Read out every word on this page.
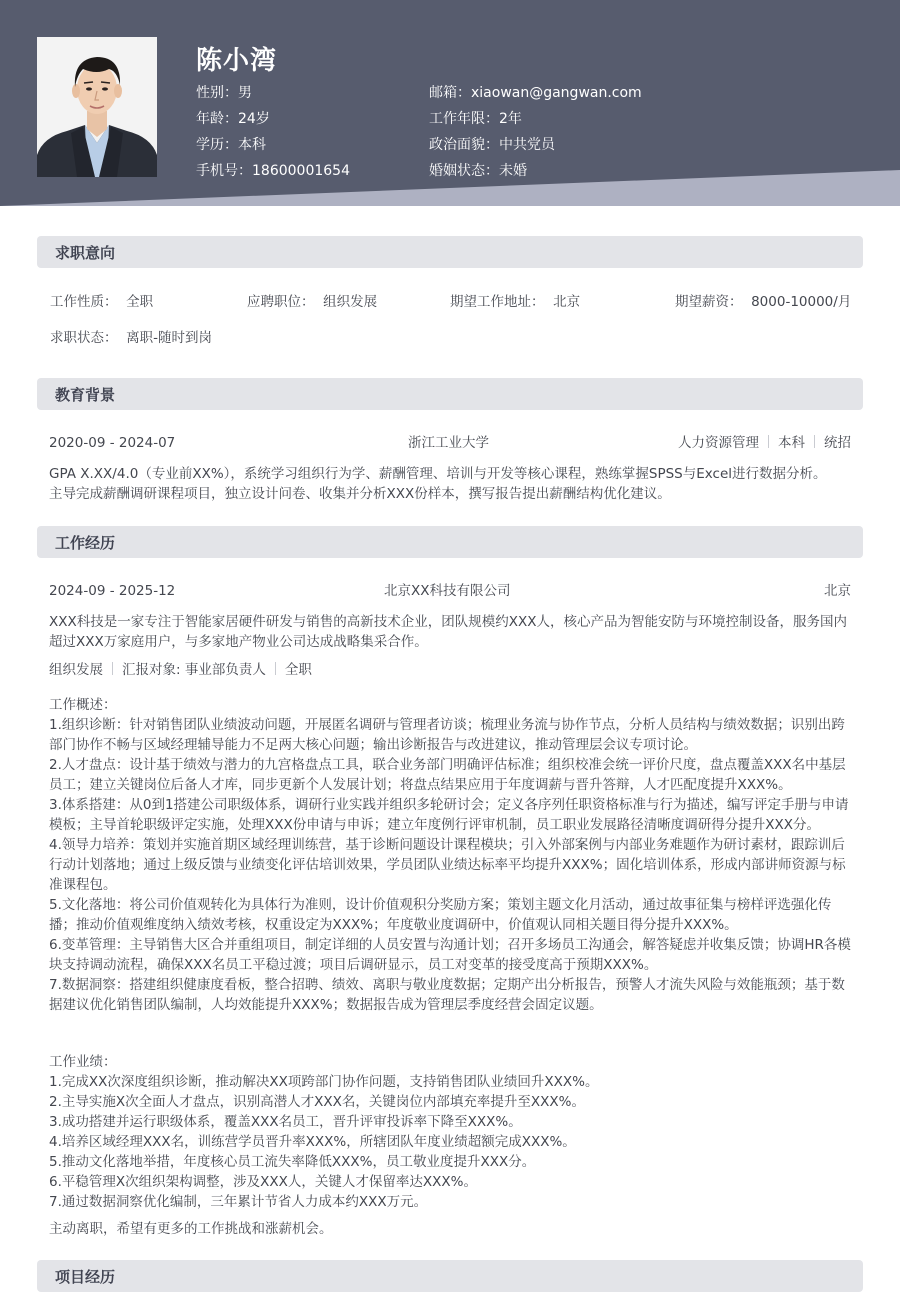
陈小湾
性别：男
年龄：24岁
学历：本科
手机号：18600001654
邮箱：xiaowan@gangwan.com
工作年限：2年
政治面貌：中共党员
婚姻状态：未婚
求职意向
工作性质： 全职	应聘职位： 组织发展	期望工作地址： 北京	期望薪资： 8000-10000/月
求职状态： 离职-随时到岗
教育背景
2020-09 - 2024-07	浙江工业大学	人力资源管理 本科 统招
GPA X.XX/4.0（专业前XX%），系统学习组织行为学、薪酬管理、培训与开发等核心课程，熟练掌握SPSS与Excel进行数据分析。
主导完成薪酬调研课程项目，独立设计问卷、收集并分析XXX份样本，撰写报告提出薪酬结构优化建议。
工作经历
2024-09 - 2025-12	北京XX科技有限公司	北京
XXX科技是一家专注于智能家居硬件研发与销售的高新技术企业，团队规模约XXX人，核心产品为智能安防与环境控制设备，服务国内超过XXX万家庭用户，与多家地产物业公司达成战略集采合作。
组织发展 汇报对象: 事业部负责人 全职
工作概述：
1.组织诊断：针对销售团队业绩波动问题，开展匿名调研与管理者访谈；梳理业务流与协作节点，分析人员结构与绩效数据；识别出跨部门协作不畅与区域经理辅导能力不足两大核心问题；输出诊断报告与改进建议，推动管理层会议专项讨论。
2.人才盘点：设计基于绩效与潜力的九宫格盘点工具，联合业务部门明确评估标准；组织校准会统一评价尺度，盘点覆盖XXX名中基层员工；建立关键岗位后备人才库，同步更新个人发展计划；将盘点结果应用于年度调薪与晋升答辩，人才匹配度提升XXX%。
3.体系搭建：从0到1搭建公司职级体系，调研行业实践并组织多轮研讨会；定义各序列任职资格标准与行为描述，编写评定手册与申请模板；主导首轮职级评定实施，处理XXX份申请与申诉；建立年度例行评审机制，员工职业发展路径清晰度调研得分提升XXX分。
4.领导力培养：策划并实施首期区域经理训练营，基于诊断问题设计课程模块；引入外部案例与内部业务难题作为研讨素材，跟踪训后行动计划落地；通过上级反馈与业绩变化评估培训效果，学员团队业绩达标率平均提升XXX%；固化培训体系，形成内部讲师资源与标准课程包。
5.文化落地：将公司价值观转化为具体行为准则，设计价值观积分奖励方案；策划主题文化月活动，通过故事征集与榜样评选强化传播；推动价值观维度纳入绩效考核，权重设定为XXX%；年度敬业度调研中，价值观认同相关题目得分提升XXX%。
6.变革管理：主导销售大区合并重组项目，制定详细的人员安置与沟通计划；召开多场员工沟通会，解答疑虑并收集反馈；协调HR各模块支持调动流程，确保XXX名员工平稳过渡；项目后调研显示，员工对变革的接受度高于预期XXX%。
7.数据洞察：搭建组织健康度看板，整合招聘、绩效、离职与敬业度数据；定期产出分析报告，预警人才流失风险与效能瓶颈；基于数据建议优化销售团队编制，人均效能提升XXX%；数据报告成为管理层季度经营会固定议题。
工作业绩：
1.完成XX次深度组织诊断，推动解决XX项跨部门协作问题，支持销售团队业绩回升XXX%。
2.主导实施X次全面人才盘点，识别高潜人才XXX名，关键岗位内部填充率提升至XXX%。
3.成功搭建并运行职级体系，覆盖XXX名员工，晋升评审投诉率下降至XXX%。
4.培养区域经理XXX名，训练营学员晋升率XXX%，所辖团队年度业绩超额完成XXX%。
5.推动文化落地举措，年度核心员工流失率降低XXX%，员工敬业度提升XXX分。
6.平稳管理X次组织架构调整，涉及XXX人，关键人才保留率达XXX%。
7.通过数据洞察优化编制，三年累计节省人力成本约XXX万元。
主动离职，希望有更多的工作挑战和涨薪机会。
项目经历
